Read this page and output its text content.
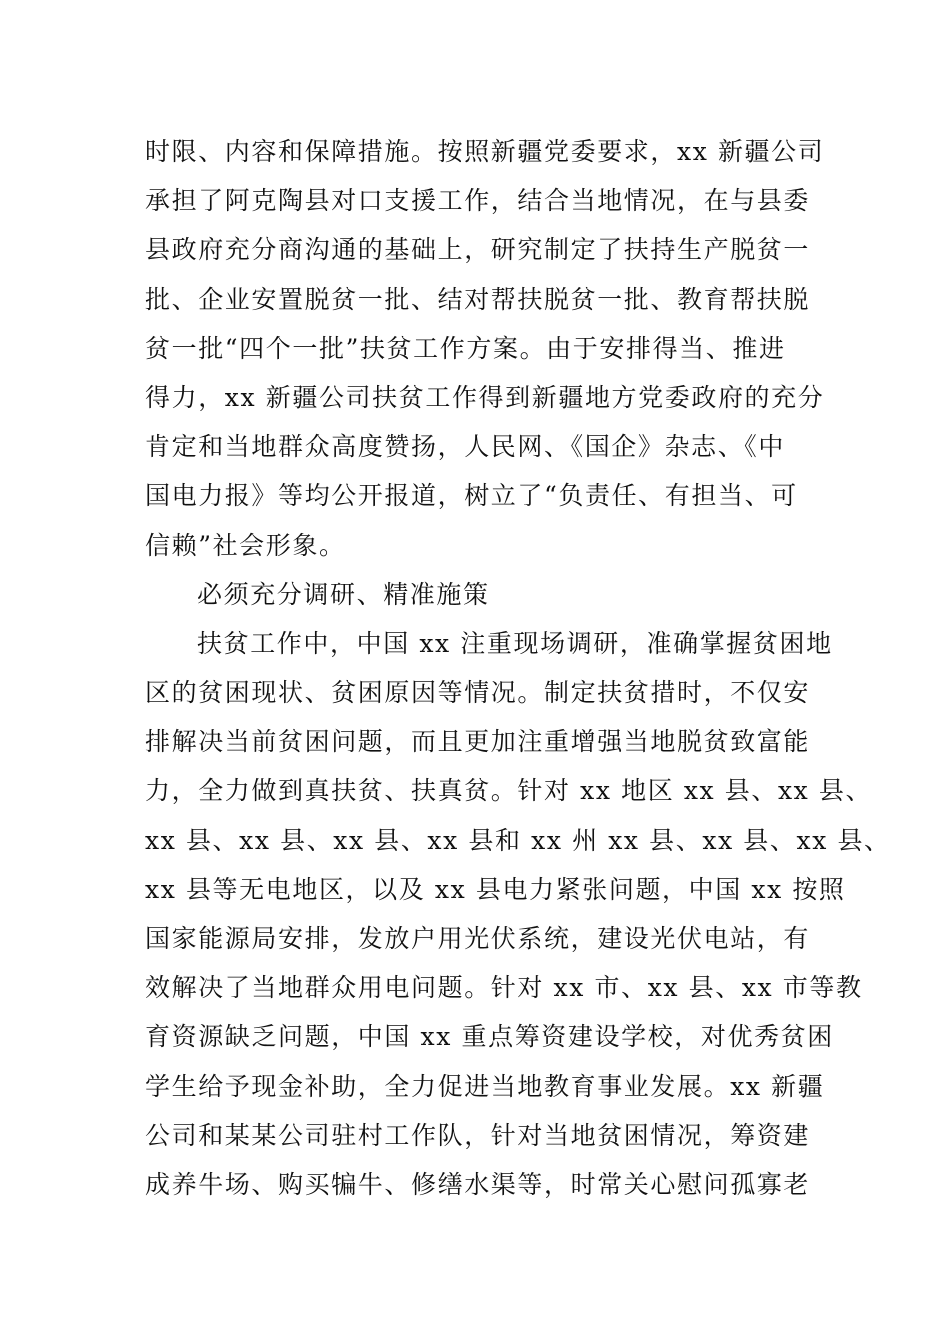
时限、内容和保障措施。按照新疆党委要求，xx 新疆公司
承担了阿克陶县对口支援工作，结合当地情况，在与县委
县政府充分商沟通的基础上，研究制定了扶持生产脱贫一
批、企业安置脱贫一批、结对帮扶脱贫一批、教育帮扶脱
贫一批“四个一批”扶贫工作方案。由于安排得当、推进
得力，xx 新疆公司扶贫工作得到新疆地方党委政府的充分
肯定和当地群众高度赞扬，人民网、《国企》杂志、《中
国电力报》等均公开报道，树立了“负责任、有担当、可
信赖”社会形象。
必须充分调研、精准施策
扶贫工作中，中国 xx 注重现场调研，准确掌握贫困地
区的贫困现状、贫困原因等情况。制定扶贫措时，不仅安
排解决当前贫困问题，而且更加注重增强当地脱贫致富能
力，全力做到真扶贫、扶真贫。针对 xx 地区 xx 县、xx 县、
xx 县、xx 县、xx 县、xx 县和 xx 州 xx 县、xx 县、xx 县、
xx 县等无电地区，以及 xx 县电力紧张问题，中国 xx 按照
国家能源局安排，发放户用光伏系统，建设光伏电站，有
效解决了当地群众用电问题。针对 xx 市、xx 县、xx 市等教
育资源缺乏问题，中国 xx 重点筹资建设学校，对优秀贫困
学生给予现金补助，全力促进当地教育事业发展。xx 新疆
公司和某某公司驻村工作队，针对当地贫困情况，筹资建
成养牛场、购买犏牛、修缮水渠等，时常关心慰问孤寡老
